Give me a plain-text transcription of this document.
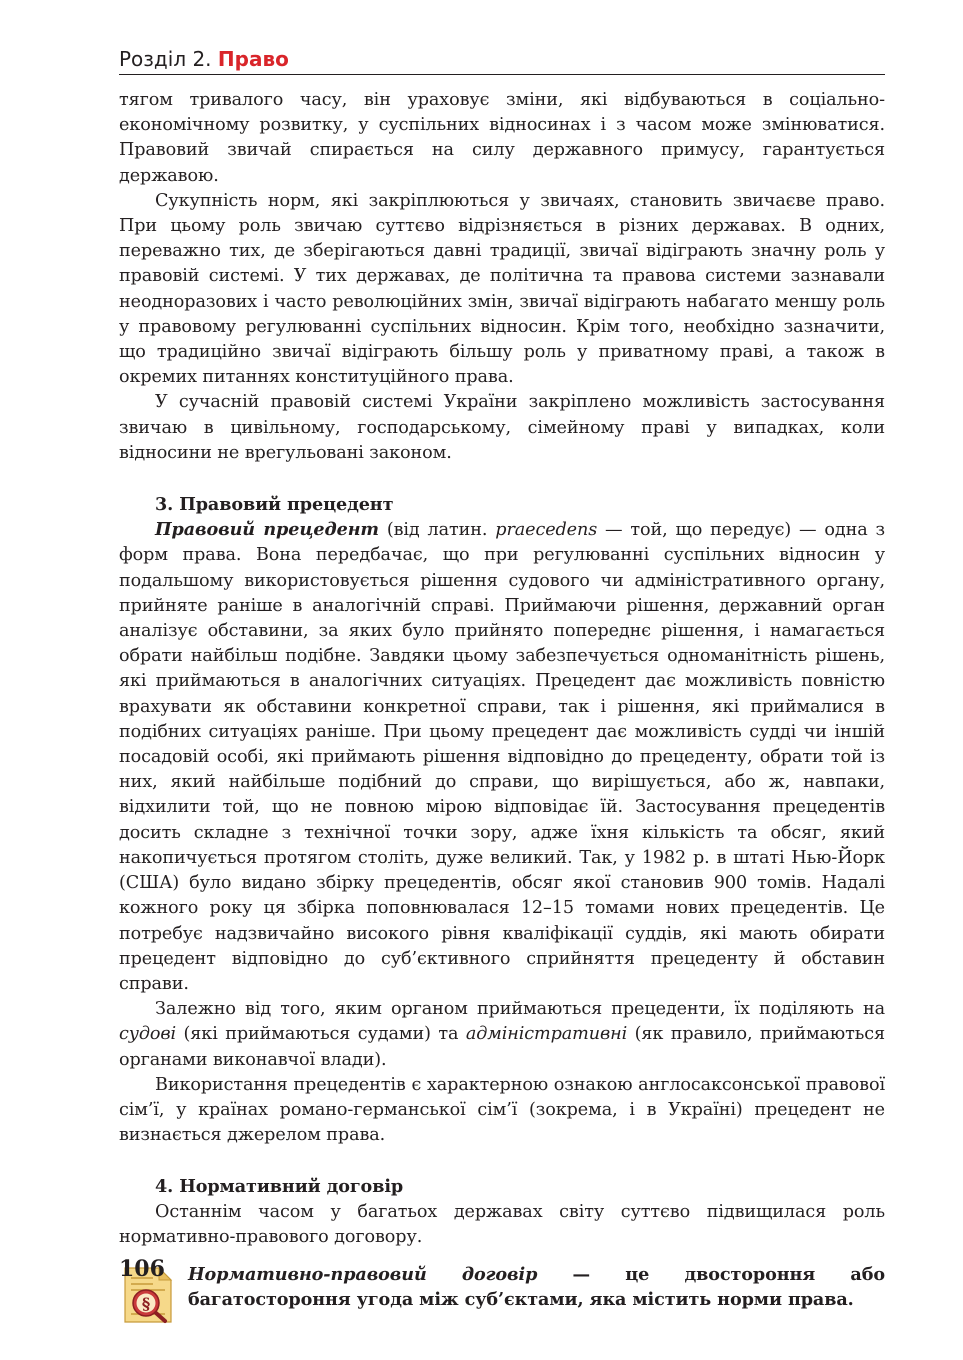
Розділ 2. Право

тягом тривалого часу, він ураховує зміни, які відбуваються в соціально-економічному розвитку, у суспільних відносинах і з часом може змінюватися. Правовий звичай спирається на силу державного примусу, гарантується державою.

Сукупність норм, які закріплюються у звичаях, становить звичаєве право. При цьому роль звичаю суттєво відрізняється в різних державах. В одних, переважно тих, де зберігаються давні традиції, звичаї відіграють значну роль у правовій системі. У тих державах, де політична та правова системи зазнавали неодноразових і часто революційних змін, звичаї відіграють набагато меншу роль у правовому регулюванні суспільних відносин. Крім того, необхідно зазначити, що традиційно звичаї відіграють більшу роль у приватному праві, а також в окремих питаннях конституційного права.

У сучасній правовій системі України закріплено можливість застосування звичаю в цивільному, господарському, сімейному праві у випадках, коли відносини не врегульовані законом.

3. Правовий прецедент

Правовий прецедент (від латин. praecedens — той, що передує) — одна з форм права. Вона передбачає, що при регулюванні суспільних відносин у подальшому використовується рішення судового чи адміністративного органу, прийняте раніше в аналогічній справі. Приймаючи рішення, державний орган аналізує обставини, за яких було прийнято попереднє рішення, і намагається обрати найбільш подібне. Завдяки цьому забезпечується одноманітність рішень, які приймаються в аналогічних ситуаціях. Прецедент дає можливість повністю врахувати як обставини конкретної справи, так і рішення, які приймалися в подібних ситуаціях раніше. При цьому прецедент дає можливість судді чи іншій посадовій особі, які приймають рішення відповідно до прецеденту, обрати той із них, який найбільше подібний до справи, що вирішується, або ж, навпаки, відхилити той, що не повною мірою відповідає їй. Застосування прецедентів досить складне з технічної точки зору, адже їхня кількість та обсяг, який накопичується протягом століть, дуже великий. Так, у 1982 р. в штаті Нью-Йорк (США) було видано збірку прецедентів, обсяг якої становив 900 томів. Надалі кожного року ця збірка поповнювалася 12–15 томами нових прецедентів. Це потребує надзвичайно високого рівня кваліфікації суддів, які мають обирати прецедент відповідно до суб’єктивного сприйняття прецеденту й обставин справи.

Залежно від того, яким органом приймаються прецеденти, їх поділяють на судові (які приймаються судами) та адміністративні (як правило, приймаються органами виконавчої влади).

Використання прецедентів є характерною ознакою англосаксонської правової сім’ї, у країнах романо-германської сім’ї (зокрема, і в Україні) прецедент не визнається джерелом права.

4. Нормативний договір

Останнім часом у багатьох державах світу суттєво підвищилася роль нормативно-правового договору.

§
Нормативно-правовий договір — це двостороння або багатостороння угода між суб’єктами, яка містить норми права.
106
